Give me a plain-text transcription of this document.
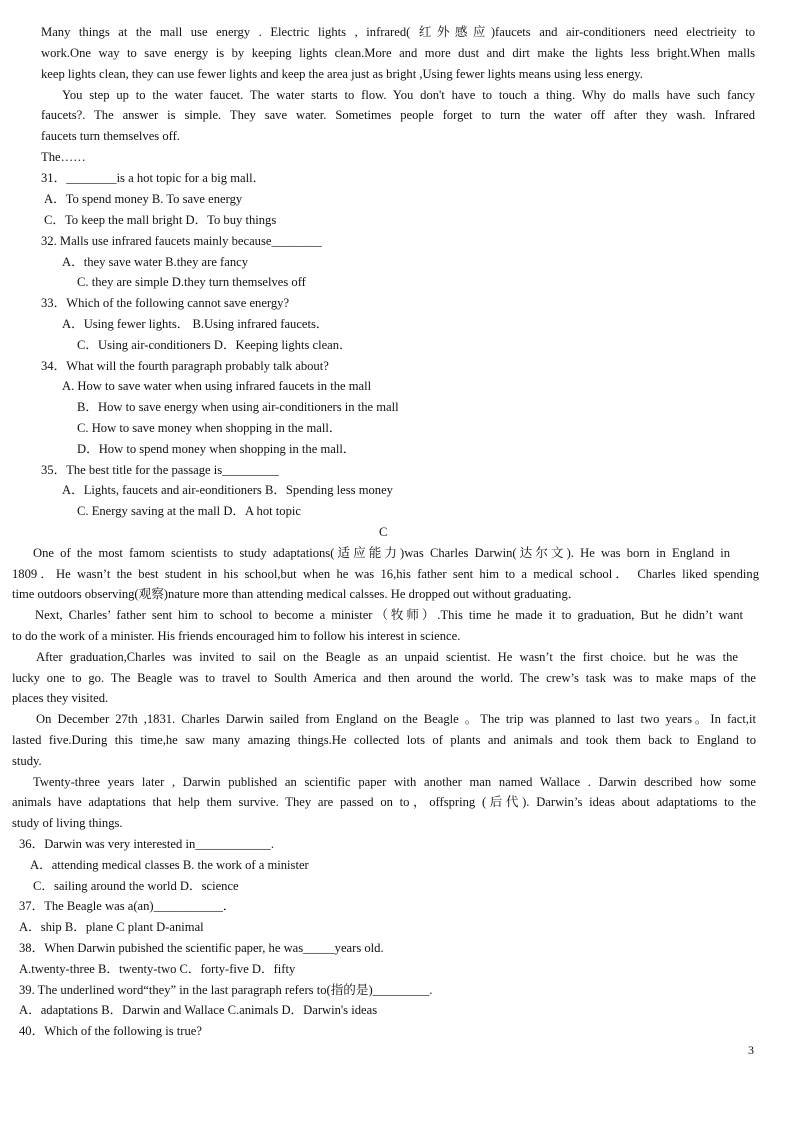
Many things at the mall use energy . Electric lights , infrared( 红外感应)faucets and air-conditioners need electrieity to
work.One way to save energy is by keeping lights clean.More and more dust and dirt make the lights less bright.When malls
keep lights clean, they can use fewer lights and keep the area just as bright ,Using fewer lights means using less energy.
You step up to the water faucet. The water starts to flow. You don't have to touch a thing. Why do malls have such fancy
faucets?. The answer is simple. They save water. Sometimes people forget to turn the water off after they wash. Infrared
faucets turn themselves off.
The……
31．________is a hot topic for a big mall．
A．To spend money B. To save energy
C．To keep the mall bright D．To buy things
32. Malls use infrared faucets mainly because________
A．they save water B.they are fancy
C. they are simple D.they turn themselves off
33．Which of the following cannot save energy?
A．Using fewer lights． B.Using infrared faucets．
C．Using air-conditioners D．Keeping lights clean．
34．What will the fourth paragraph probably talk about?
A. How to save water when using infrared faucets in the mall
B．How to save energy when using air-conditioners in the mall
C. How to save money when shopping in the mall．
D．How to spend money when shopping in the mall．
35．The best title for the passage is_________
A．Lights, faucets and air-eonditioners B．Spending less money
C. Energy saving at the mall D．A hot topic
C
One of the most famom scientists to study adaptations(适应能力)was Charles Darwin(达尔文). He was born in England in
1809．He wasn’t the best student in his school,but when he was 16,his father sent him to a medical school． Charles liked spending
time outdoors observing(观察)nature more than attending medical calsses. He dropped out without graduating．
Next, Charles’ father sent him to school to become a minister（牧师）.This time he made it to graduation, But he didn’t want
to do the work of a minister. His friends encouraged him to follow his interest in science.
After graduation,Charles was invited to sail on the Beagle as an unpaid scientist. He wasn’t the first choice. but he was the
lucky one to go. The Beagle was to travel to Soulth America and then around the world. The crew’s task was to make maps of the
places they visited.
On December 27th ,1831. Charles Darwin sailed from England on the Beagle 。The trip was planned to last two years。In fact,it
lasted five.During this time,he saw many amazing things.He collected lots of plants and animals and took them back to England to
study.
Twenty-three years later , Darwin published an scientific paper with another man named Wallace . Darwin described how some
animals have adaptations that help them survive. They are passed on to，offspring (后代). Darwin’s ideas about adaptatioms to the
study of living things.
36．Darwin was very interested in____________.
A．attending medical classes B. the work of a minister
C．sailing around the world D．science
37．The Beagle was a(an)___________．
A．ship B．plane C plant D-animal
38．When Darwin pubished the scientific paper, he was_____years old.
A.twenty-three B．twenty-two C．forty-five D．fifty
39. The underlined word“they” in the last paragraph refers to(指的是)_________.
A．adaptations B．Darwin and Wallace C.animals D．Darwin's ideas
40．Which of the following is true?
3
